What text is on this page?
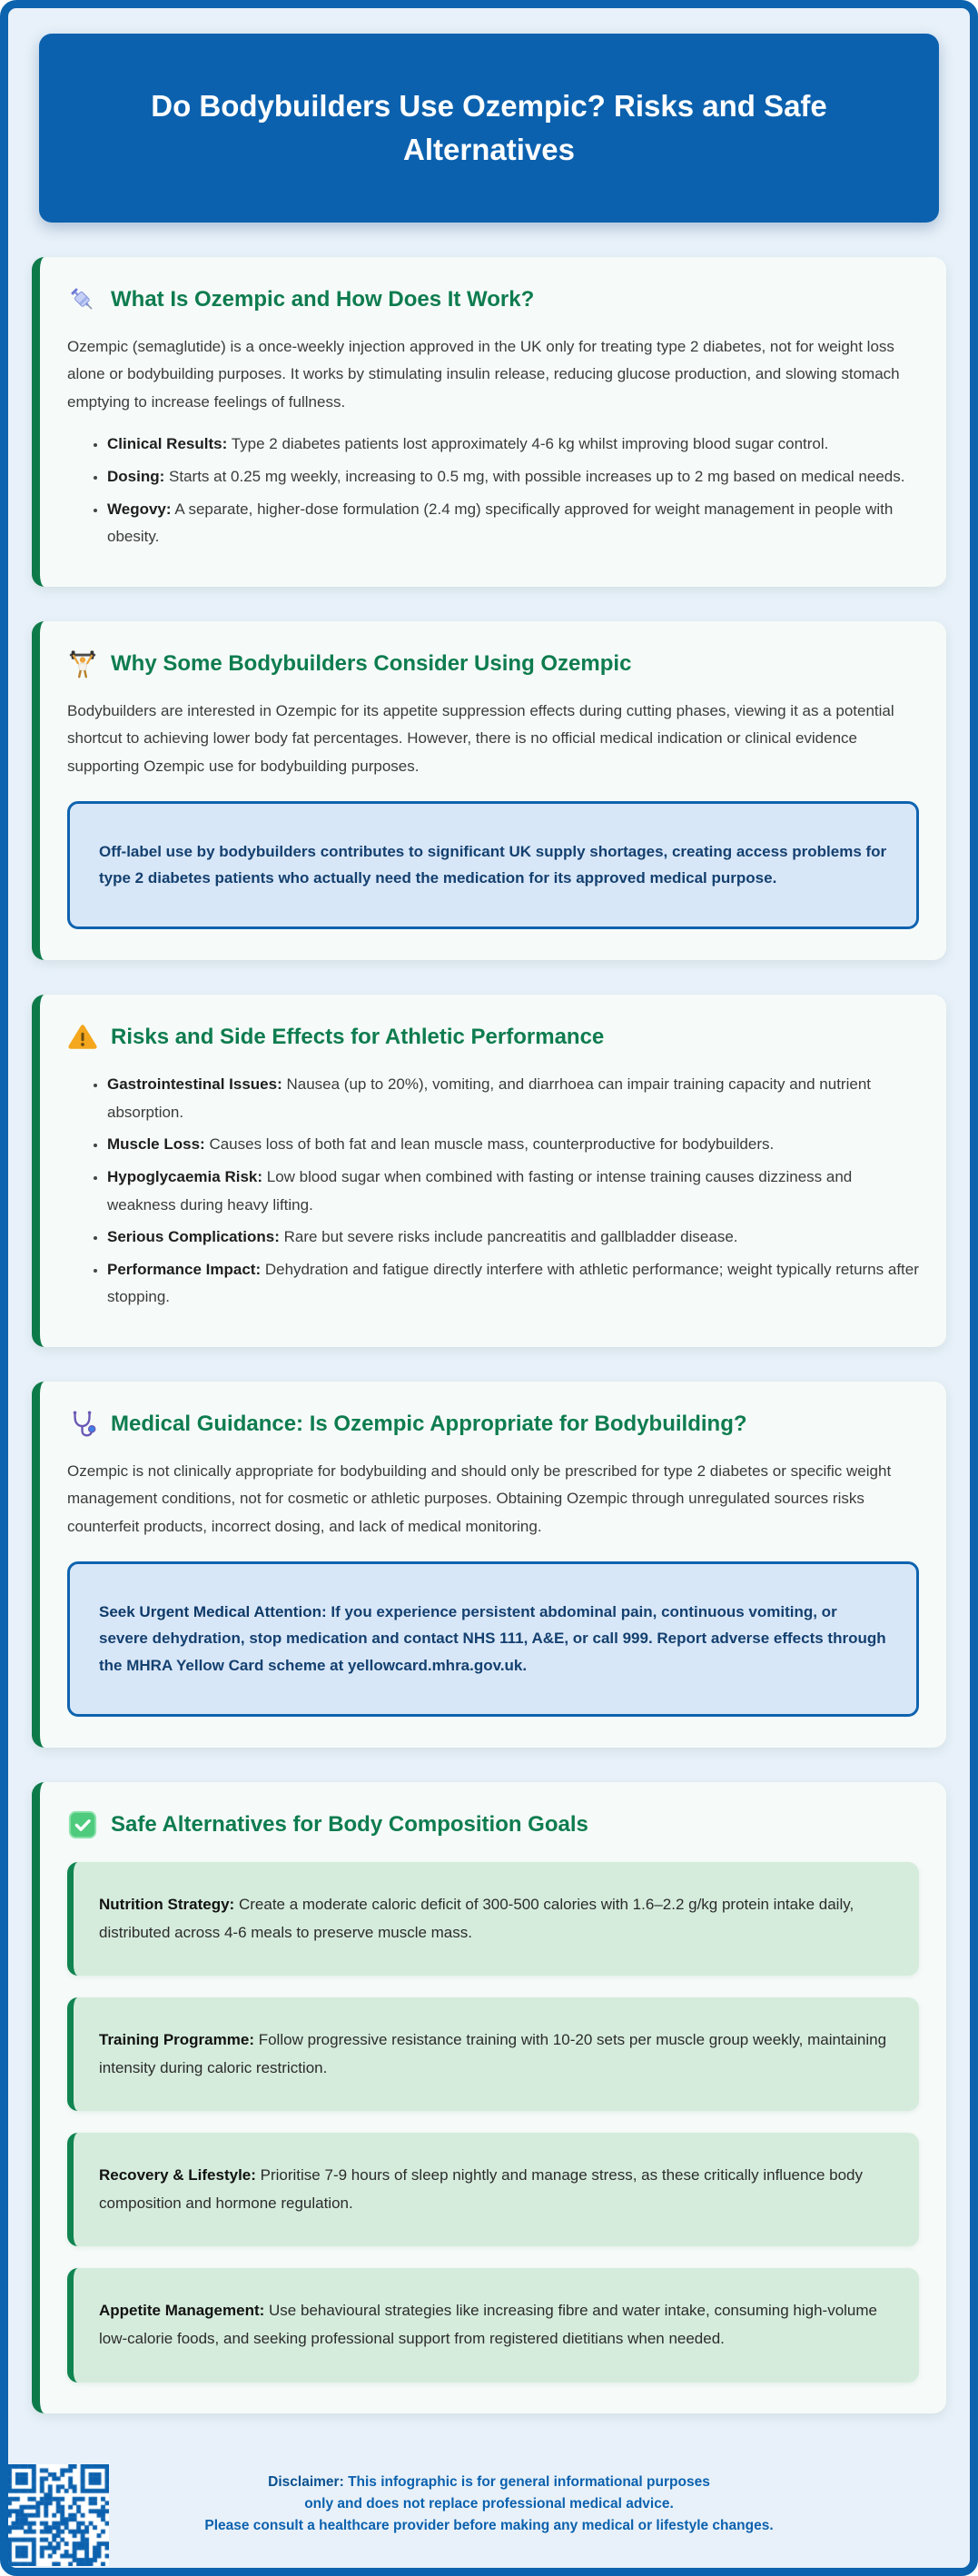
Do Bodybuilders Use Ozempic? Risks and Safe Alternatives
What Is Ozempic and How Does It Work?

Ozempic (semaglutide) is a once-weekly injection approved in the UK only for treating type 2 diabetes, not for weight loss alone or bodybuilding purposes. It works by stimulating insulin release, reducing glucose production, and slowing stomach emptying to increase feelings of fullness.

• Clinical Results: Type 2 diabetes patients lost approximately 4-6 kg whilst improving blood sugar control.
• Dosing: Starts at 0.25 mg weekly, increasing to 0.5 mg, with possible increases up to 2 mg based on medical needs.
• Wegovy: A separate, higher-dose formulation (2.4 mg) specifically approved for weight management in people with obesity.
Why Some Bodybuilders Consider Using Ozempic

Bodybuilders are interested in Ozempic for its appetite suppression effects during cutting phases, viewing it as a potential shortcut to achieving lower body fat percentages. However, there is no official medical indication or clinical evidence supporting Ozempic use for bodybuilding purposes.

Off-label use by bodybuilders contributes to significant UK supply shortages, creating access problems for type 2 diabetes patients who actually need the medication for its approved medical purpose.
Risks and Side Effects for Athletic Performance
• Gastrointestinal Issues: Nausea (up to 20%), vomiting, and diarrhoea can impair training capacity and nutrient absorption.
• Muscle Loss: Causes loss of both fat and lean muscle mass, counterproductive for bodybuilders.
• Hypoglycaemia Risk: Low blood sugar when combined with fasting or intense training causes dizziness and weakness during heavy lifting.
• Serious Complications: Rare but severe risks include pancreatitis and gallbladder disease.
• Performance Impact: Dehydration and fatigue directly interfere with athletic performance; weight typically returns after stopping.
Medical Guidance: Is Ozempic Appropriate for Bodybuilding?

Ozempic is not clinically appropriate for bodybuilding and should only be prescribed for type 2 diabetes or specific weight management conditions, not for cosmetic or athletic purposes. Obtaining Ozempic through unregulated sources risks counterfeit products, incorrect dosing, and lack of medical monitoring.

Seek Urgent Medical Attention: If you experience persistent abdominal pain, continuous vomiting, or severe dehydration, stop medication and contact NHS 111, A&E, or call 999. Report adverse effects through the MHRA Yellow Card scheme at yellowcard.mhra.gov.uk.
Safe Alternatives for Body Composition Goals
Nutrition Strategy: Create a moderate caloric deficit of 300-500 calories with 1.6–2.2 g/kg protein intake daily, distributed across 4-6 meals to preserve muscle mass.
Training Programme: Follow progressive resistance training with 10-20 sets per muscle group weekly, maintaining intensity during caloric restriction.
Recovery & Lifestyle: Prioritise 7-9 hours of sleep nightly and manage stress, as these critically influence body composition and hormone regulation.
Appetite Management: Use behavioural strategies like increasing fibre and water intake, consuming high-volume low-calorie foods, and seeking professional support from registered dietitians when needed.
Disclaimer: This infographic is for general informational purposes
only and does not replace professional medical advice.
Please consult a healthcare provider before making any medical or lifestyle changes.
